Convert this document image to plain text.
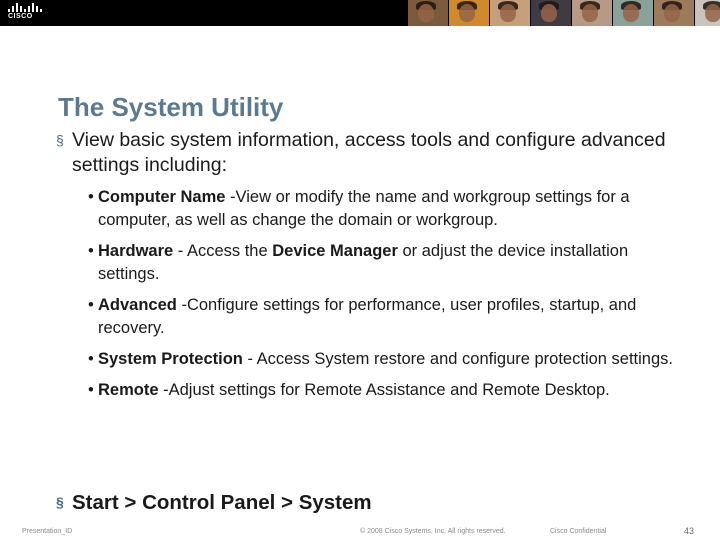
CISCO
The System Utility

§ View basic system information, access tools and configure advanced settings including:

• Computer Name -View or modify the name and workgroup settings for a computer, as well as change the domain or workgroup.

• Hardware - Access the Device Manager or adjust the device installation settings.

• Advanced -Configure settings for performance, user profiles, startup, and recovery.

• System Protection - Access System restore and configure protection settings.

• Remote -Adjust settings for Remote Assistance and Remote Desktop.

§ Start > Control Panel > System

Presentation_ID	© 2008 Cisco Systems, Inc. All rights reserved.	Cisco Confidential	43
